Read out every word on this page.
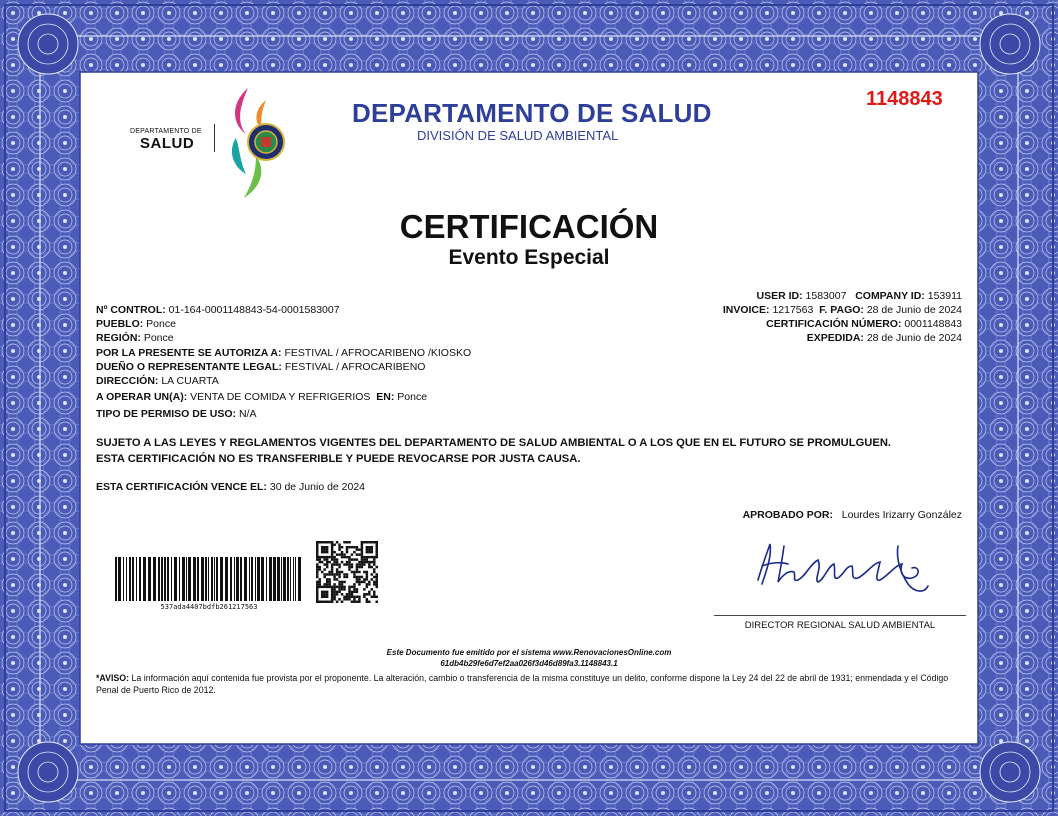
DEPARTAMENTO DE
SALUD
DEPARTAMENTO DE SALUD
DIVISIÓN DE SALUD AMBIENTAL
1148843
CERTIFICACIÓN
Evento Especial
USER ID: 1583007 COMPANY ID: 153911
INVOICE: 1217563 F. PAGO: 28 de Junio de 2024
CERTIFICACIÓN NÚMERO: 0001148843
EXPEDIDA: 28 de Junio de 2024
Nº CONTROL: 01-164-0001148843-54-0001583007
PUEBLO: Ponce
REGIÓN: Ponce
POR LA PRESENTE SE AUTORIZA A: FESTIVAL / AFROCARIBENO /KIOSKO
DUEÑO O REPRESENTANTE LEGAL: FESTIVAL / AFROCARIBENO
DIRECCIÓN: LA CUARTA
A OPERAR UN(A): VENTA DE COMIDA Y REFRIGERIOS EN: Ponce
TIPO DE PERMISO DE USO: N/A
SUJETO A LAS LEYES Y REGLAMENTOS VIGENTES DEL DEPARTAMENTO DE SALUD AMBIENTAL O A LOS QUE EN EL FUTURO SE PROMULGUEN.
ESTA CERTIFICACIÓN NO ES TRANSFERIBLE Y PUEDE REVOCARSE POR JUSTA CAUSA.
ESTA CERTIFICACIÓN VENCE EL: 30 de Junio de 2024
APROBADO POR: Lourdes Irizarry González
DIRECTOR REGIONAL SALUD AMBIENTAL
537ada4407bdfb261217563
Este Documento fue emitido por el sistema www.RenovacionesOnline.com
61db4b29fe6d7ef2aa026f3d46d89fa3.1148843.1
*AVISO: La información aquí contenida fue provista por el proponente. La alteración, cambio o transferencia de la misma constituye un delito, conforme dispone la Ley 24 del 22 de abril de 1931; enmendada y el Código Penal de Puerto Rico de 2012.
